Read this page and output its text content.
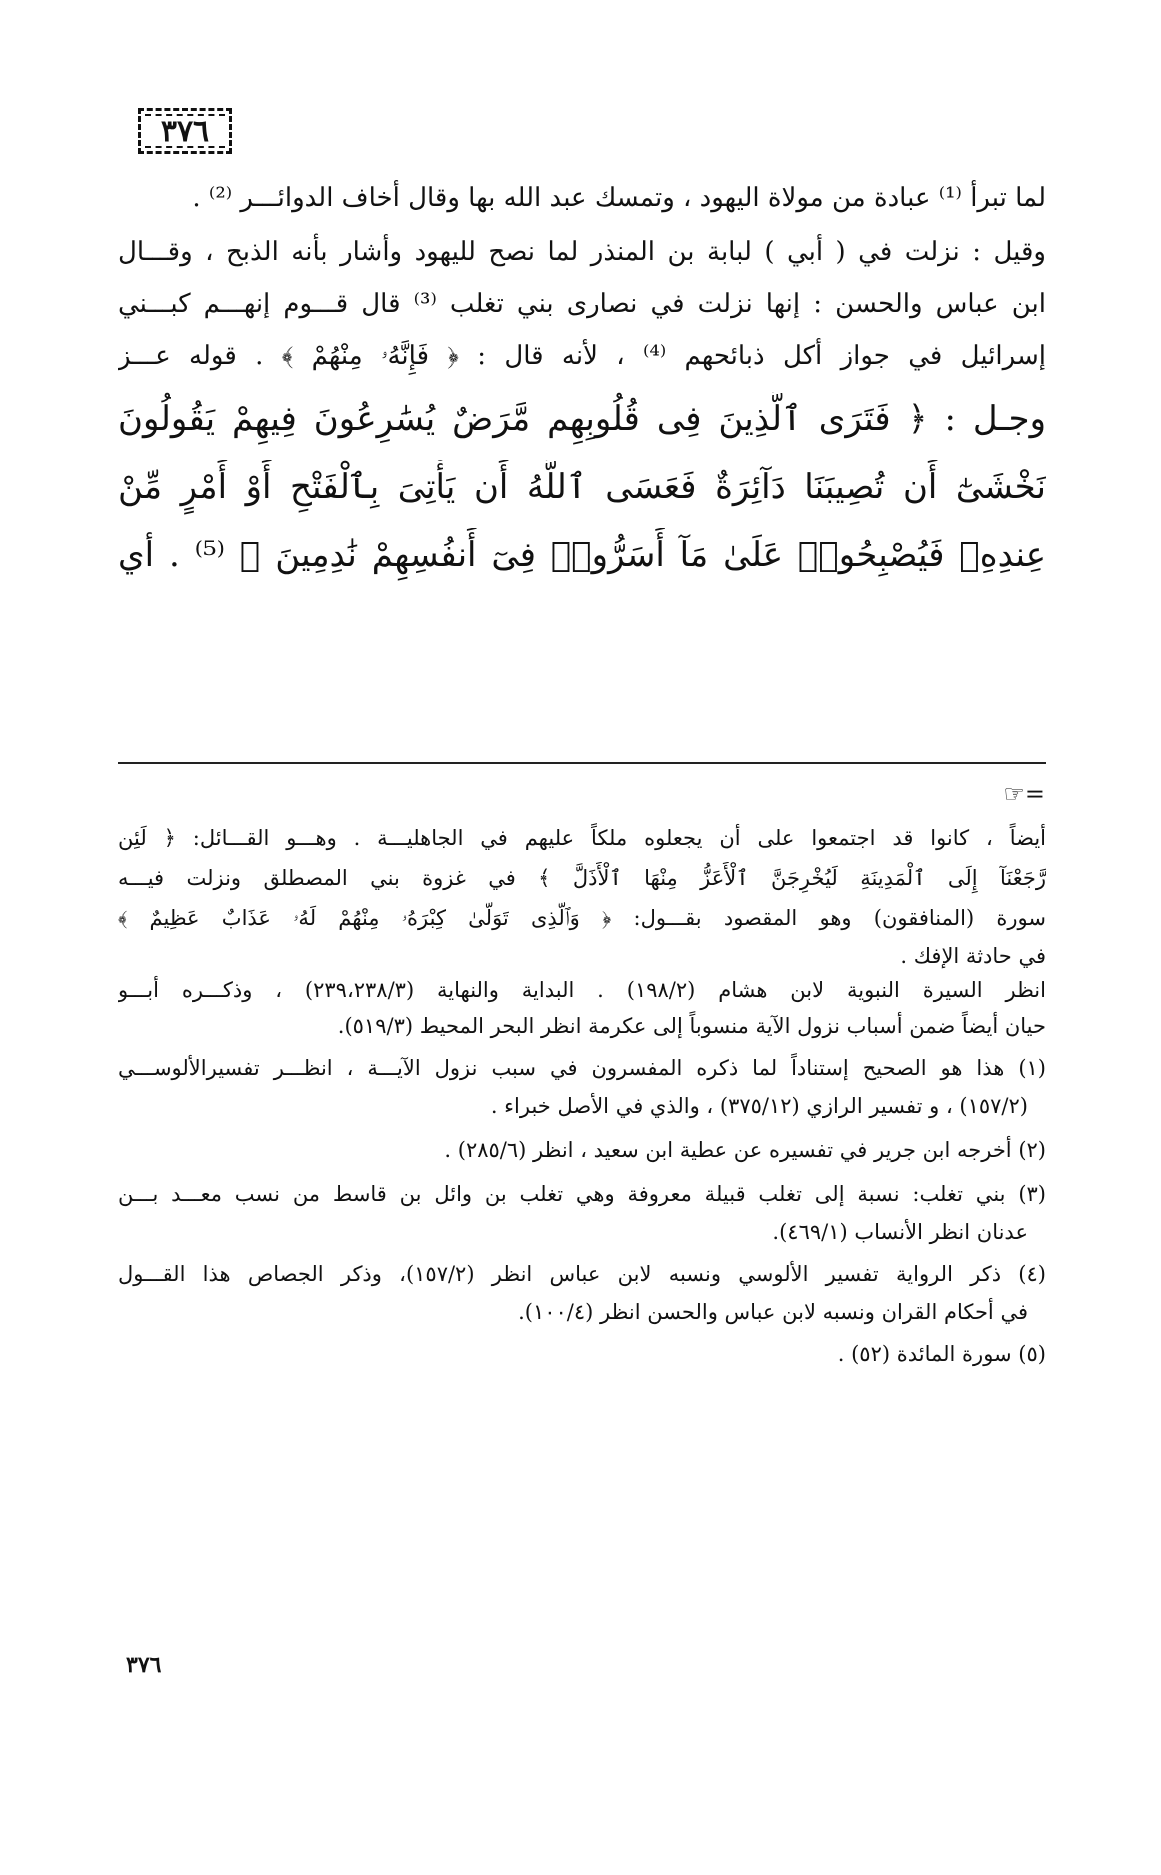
٣٧٦
لما تبرأ ⁽¹⁾ عبادة من مولاة اليهود ، وتمسك عبد الله بها وقال أخاف الدوائـــر ⁽²⁾ .
وقيل : نزلت في ( أبي ) لبابة بن المنذر لما نصح لليهود وأشار بأنه الذبح ، وقـــال
ابن عباس والحسن : إنها نزلت في نصارى بني تغلب ⁽³⁾ قال قـــوم إنهـــم كبـــني
إسرائيل في جواز أكل ذبائحهم ⁽⁴⁾ ، لأنه قال : ﴿ فَإِنَّهُۥ مِنْهُمْ ﴾ . قوله عـــز
وجـل : ﴿ فَتَرَى ٱلَّذِينَ فِى قُلُوبِهِم مَّرَضٌ يُسَٰرِعُونَ فِيهِمْ يَقُولُونَ
نَخْشَىٰٓ أَن تُصِيبَنَا دَآئِرَةٌ فَعَسَى ٱللَّهُ أَن يَأْتِىَ بِٱلْفَتْحِ أَوْ أَمْرٍ مِّنْ
عِندِهِۦ فَيُصْبِحُوا۟ عَلَىٰ مَآ أَسَرُّوا۟ فِىٓ أَنفُسِهِمْ نَٰدِمِينَ ﴾ ⁽⁵⁾ . أي
☞=
أيضاً ، كانوا قد اجتمعوا على أن يجعلوه ملكاً عليهم في الجاهليـــة . وهـــو القـــائل: ﴿ لَئِن
رَّجَعْنَآ إِلَى ٱلْمَدِينَةِ لَيُخْرِجَنَّ ٱلْأَعَزُّ مِنْهَا ٱلْأَذَلَّ ﴾ في غزوة بني المصطلق ونزلت فيـــه
سورة (المنافقون) وهو المقصود بقـــول: ﴿ وَٱلَّذِى تَوَلَّىٰ كِبْرَهُۥ مِنْهُمْ لَهُۥ عَذَابٌ عَظِيمٌ ﴾
في حادثة الإفك .
انظر السيرة النبوية لابن هشام (١٩٨/٢) . البداية والنهاية (٢٣٩،٢٣٨/٣) ، وذكـــره أبـــو
حيان أيضاً ضمن أسباب نزول الآية منسوباً إلى عكرمة انظر البحر المحيط (٥١٩/٣).
(١) هذا هو الصحيح إستناداً لما ذكره المفسرون في سبب نزول الآيـــة ، انظـــر تفسيرالألوســـي
(١٥٧/٢) ، و تفسير الرازي (٣٧٥/١٢) ، والذي في الأصل خبراء .
(٢) أخرجه ابن جرير في تفسيره عن عطية ابن سعيد ، انظر (٢٨٥/٦) .
(٣) بني تغلب: نسبة إلى تغلب قبيلة معروفة وهي تغلب بن وائل بن قاسط من نسب معـــد بـــن
عدنان انظر الأنساب (٤٦٩/١).
(٤) ذكر الرواية تفسير الألوسي ونسبه لابن عباس انظر (١٥٧/٢)، وذكر الجصاص هذا القـــول
في أحكام القران ونسبه لابن عباس والحسن انظر (١٠٠/٤).
(٥) سورة المائدة (٥٢) .
٣٧٦
